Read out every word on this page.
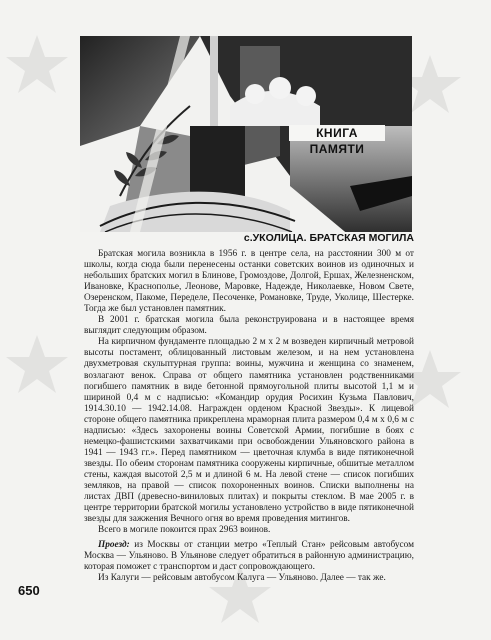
КНИГА ПАМЯТИ
с.УКОЛИЦА. БРАТСКАЯ МОГИЛА

Братская могила возникла в 1956 г. в центре села, на расстоянии 300 м от школы, когда сюда были перенесены останки советских воинов из одиночных и небольших братских могил в Блинове, Громоздове, Долгой, Ершах, Железненском, Ивановке, Краснополье, Леонове, Маровке, Надежде, Николаевке, Новом Свете, Озеренском, Пакоме, Переделе, Песоченке, Романовке, Труде, Уколице, Шестерке. Тогда же был установлен памятник.

В 2001 г. братская могила была реконструирована и в настоящее время выглядит следующим образом.

На кирпичном фундаменте площадью 2 м х 2 м возведен кирпичный метровой высоты постамент, облицованный листовым железом, и на нем установлена двухметровая скульптурная группа: воины, мужчина и женщина со знаменем, возлагают венок. Справа от общего памятника установлен родственниками погибшего памятник в виде бетонной прямоугольной плиты высотой 1,1 м и шириной 0,4 м с надписью: «Командир орудия Росихин Кузьма Павлович, 1914.30.10 — 1942.14.08. Награжден орденом Красной Звезды». К лицевой стороне общего памятника прикреплена мраморная плита размером 0,4 м х 0,6 м с надписью: «Здесь захоронены воины Советской Армии, погибшие в боях с немецко-фашистскими захватчиками при освобождении Ульяновского района в 1941 — 1943 гг.». Перед памятником — цветочная клумба в виде пятиконечной звезды. По обеим сторонам памятника сооружены кирпичные, обшитые металлом стены, каждая высотой 2,5 м и длиной 6 м. На левой стене — список погибших земляков, на правой — список похороненных воинов. Списки выполнены на листах ДВП (древесно-виниловых плитах) и покрыты стеклом. В мае 2005 г. в центре территории братской могилы установлено устройство в виде пятиконечной звезды для зажжения Вечного огня во время проведения митингов.

Всего в могиле покоится прах 2963 воинов.

Проезд: из Москвы от станции метро «Теплый Стан» рейсовым автобусом Москва — Ульяново. В Ульянове следует обратиться в районную администрацию, которая поможет с транспортом и даст сопровождающего.

Из Калуги — рейсовым автобусом Калуга — Ульяново. Далее — так же.

650
